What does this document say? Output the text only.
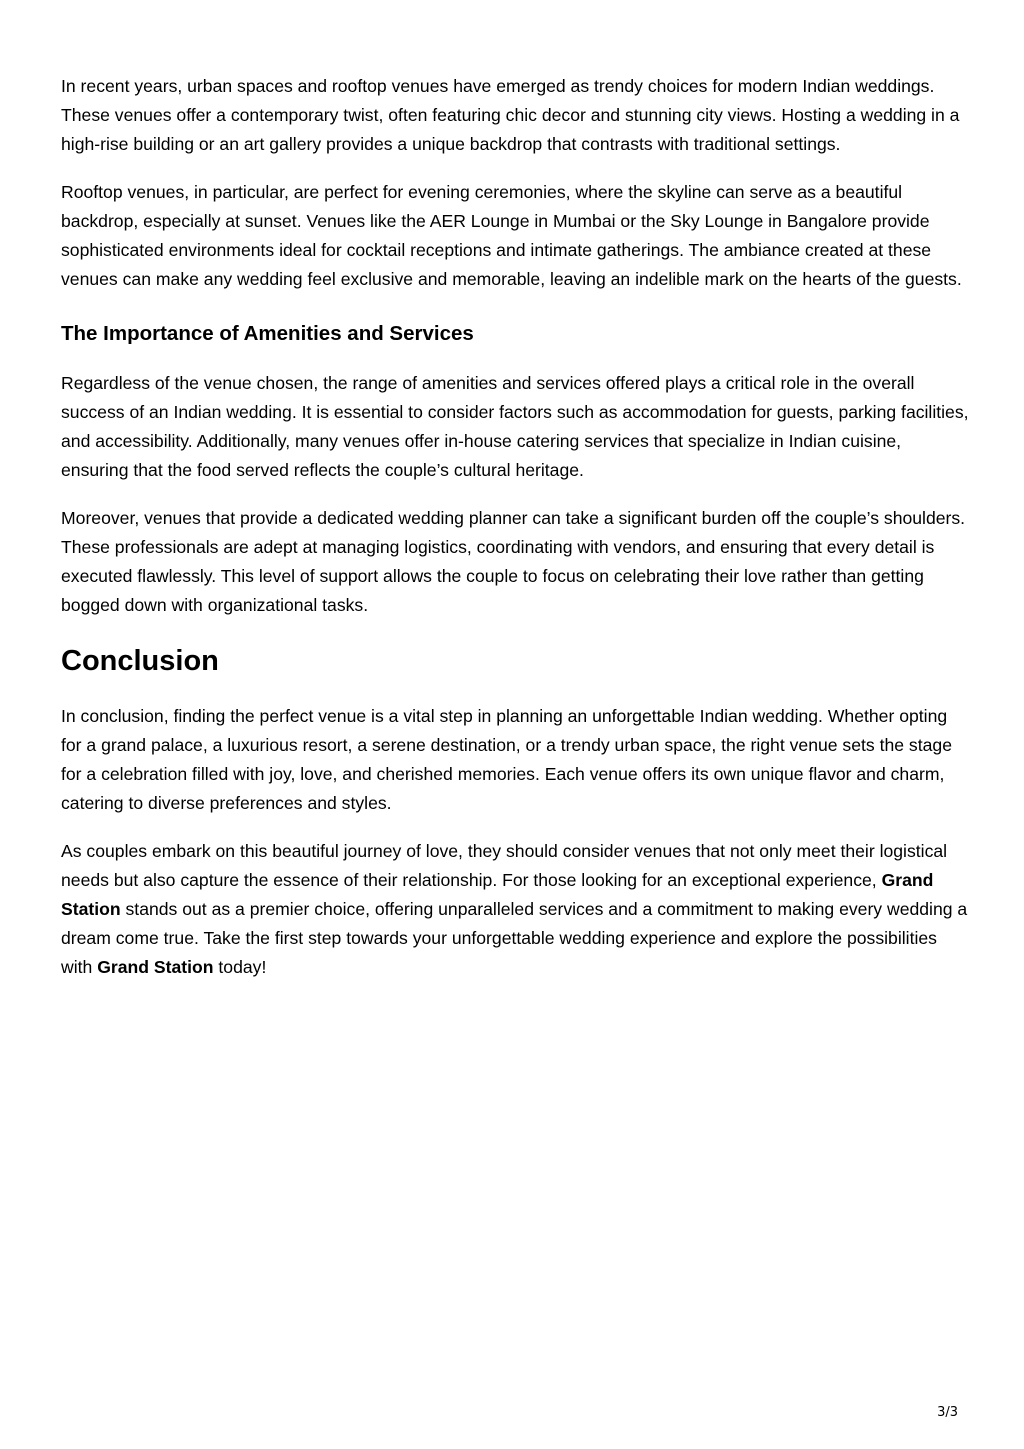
In recent years, urban spaces and rooftop venues have emerged as trendy choices for modern Indian weddings. These venues offer a contemporary twist, often featuring chic decor and stunning city views. Hosting a wedding in a high-rise building or an art gallery provides a unique backdrop that contrasts with traditional settings.

Rooftop venues, in particular, are perfect for evening ceremonies, where the skyline can serve as a beautiful backdrop, especially at sunset. Venues like the AER Lounge in Mumbai or the Sky Lounge in Bangalore provide sophisticated environments ideal for cocktail receptions and intimate gatherings. The ambiance created at these venues can make any wedding feel exclusive and memorable, leaving an indelible mark on the hearts of the guests.

The Importance of Amenities and Services

Regardless of the venue chosen, the range of amenities and services offered plays a critical role in the overall success of an Indian wedding. It is essential to consider factors such as accommodation for guests, parking facilities, and accessibility. Additionally, many venues offer in-house catering services that specialize in Indian cuisine, ensuring that the food served reflects the couple’s cultural heritage.

Moreover, venues that provide a dedicated wedding planner can take a significant burden off the couple’s shoulders. These professionals are adept at managing logistics, coordinating with vendors, and ensuring that every detail is executed flawlessly. This level of support allows the couple to focus on celebrating their love rather than getting bogged down with organizational tasks.

Conclusion

In conclusion, finding the perfect venue is a vital step in planning an unforgettable Indian wedding. Whether opting for a grand palace, a luxurious resort, a serene destination, or a trendy urban space, the right venue sets the stage for a celebration filled with joy, love, and cherished memories. Each venue offers its own unique flavor and charm, catering to diverse preferences and styles.

As couples embark on this beautiful journey of love, they should consider venues that not only meet their logistical needs but also capture the essence of their relationship. For those looking for an exceptional experience, Grand Station stands out as a premier choice, offering unparalleled services and a commitment to making every wedding a dream come true. Take the first step towards your unforgettable wedding experience and explore the possibilities with Grand Station today!

3/3
